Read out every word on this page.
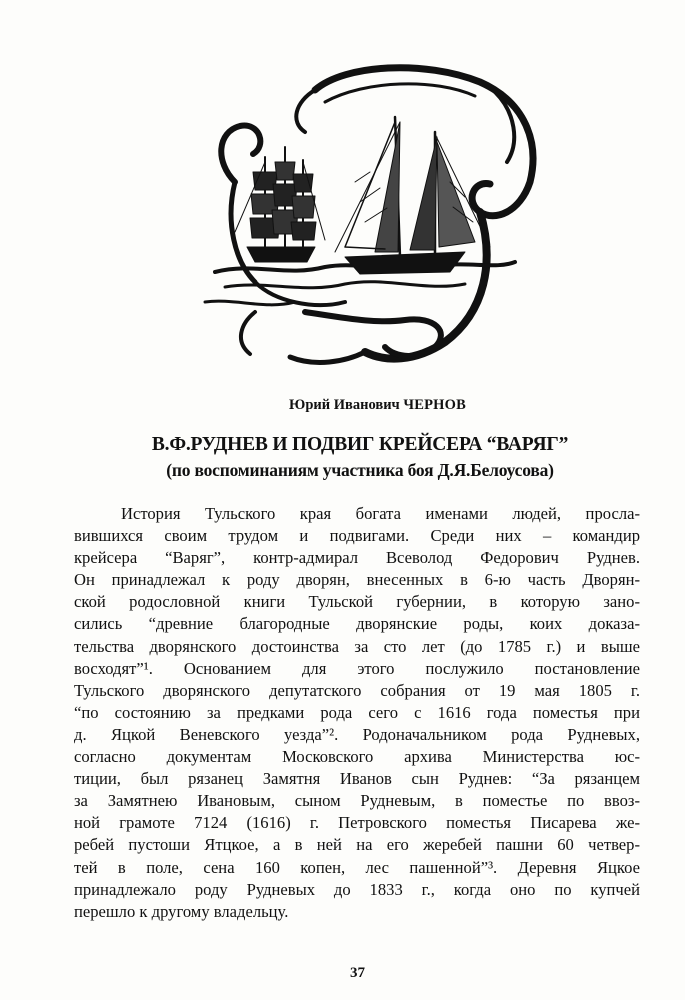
Юрий Иванович ЧЕРНОВ
В.Ф.РУДНЕВ И ПОДВИГ КРЕЙСЕРА “ВАРЯГ”
(по воспоминаниям участника боя Д.Я.Белоусова)
История Тульского края богата именами людей, просла-
вившихся своим трудом и подвигами. Среди них – командир
крейсера “Варяг”, контр-адмирал Всеволод Федорович Руднев.
Он принадлежал к роду дворян, внесенных в 6-ю часть Дворян-
ской родословной книги Тульской губернии, в которую зано-
сились “древние благородные дворянские роды, коих доказа-
тельства дворянского достоинства за сто лет (до 1785 г.) и выше
восходят”¹. Основанием для этого послужило постановление
Тульского дворянского депутатского собрания от 19 мая 1805 г.
“по состоянию за предками рода сего с 1616 года поместья при
д. Яцкой Веневского уезда”². Родоначальником рода Рудневых,
согласно документам Московского архива Министерства юс-
тиции, был рязанец Замятня Иванов сын Руднев: “За рязанцем
за Замятнею Ивановым, сыном Рудневым, в поместье по ввоз-
ной грамоте 7124 (1616) г. Петровского поместья Писарева же-
ребей пустоши Ятцкое, а в ней на его жеребей пашни 60 четвер-
тей в поле, сена 160 копен, лес пашенной”³. Деревня Яцкое
принадлежало роду Рудневых до 1833 г., когда оно по купчей
перешло к другому владельцу.
37
